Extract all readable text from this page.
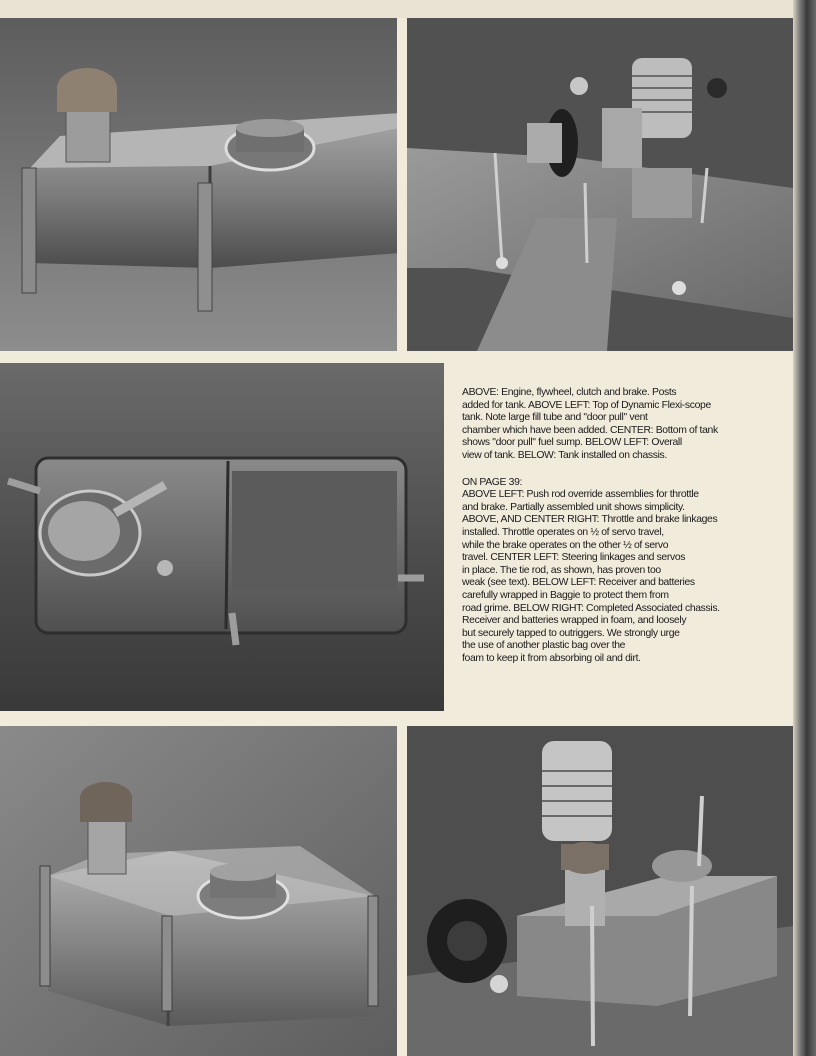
ABOVE: Engine, flywheel, clutch and brake. Posts
added for tank. ABOVE LEFT: Top of Dynamic Flexi-scope
tank. Note large fill tube and "door pull" vent
chamber which have been added. CENTER: Bottom of tank
shows "door pull" fuel sump. BELOW LEFT: Overall
view of tank. BELOW: Tank installed on chassis.
ON PAGE 39:
ABOVE LEFT: Push rod override assemblies for throttle
and brake. Partially assembled unit shows simplicity.
ABOVE, AND CENTER RIGHT: Throttle and brake linkages
installed. Throttle operates on ½ of servo travel,
while the brake operates on the other ½ of servo
travel. CENTER LEFT: Steering linkages and servos
in place. The tie rod, as shown, has proven too
weak (see text). BELOW LEFT: Receiver and batteries
carefully wrapped in Baggie to protect them from
road grime. BELOW RIGHT: Completed Associated chassis.
Receiver and batteries wrapped in foam, and loosely
but securely tapped to outriggers. We strongly urge
the use of another plastic bag over the
foam to keep it from absorbing oil and dirt.
